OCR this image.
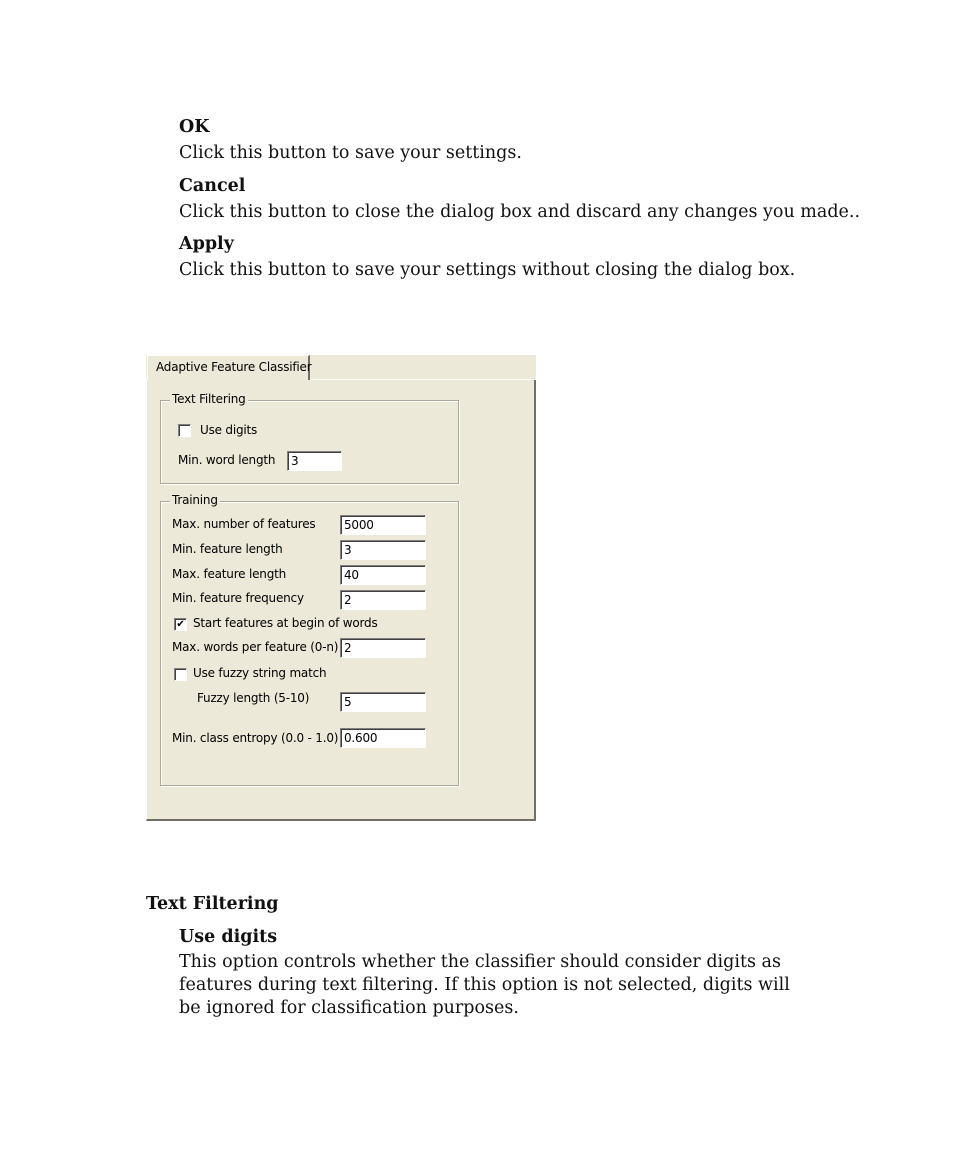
OK

Click this button to save your settings.

Cancel

Click this button to close the dialog box and discard any changes you made..

Apply

Click this button to save your settings without closing the dialog box.

Adaptive Feature Classifier
Text Filtering
Use digits
Min. word length	3
Training
Max. number of features	5000
Min. feature length	3
Max. feature length	40
Min. feature frequency	2
✔ Start features at begin of words
Max. words per feature (0-n) 2
Use fuzzy string match
Fuzzy length (5-10)	5
Min. class entropy (0.0 - 1.0) 0.600
Text Filtering
Use digits

This option controls whether the classifier should consider digits as features during text filtering. If this option is not selected, digits will be ignored for classification purposes.
